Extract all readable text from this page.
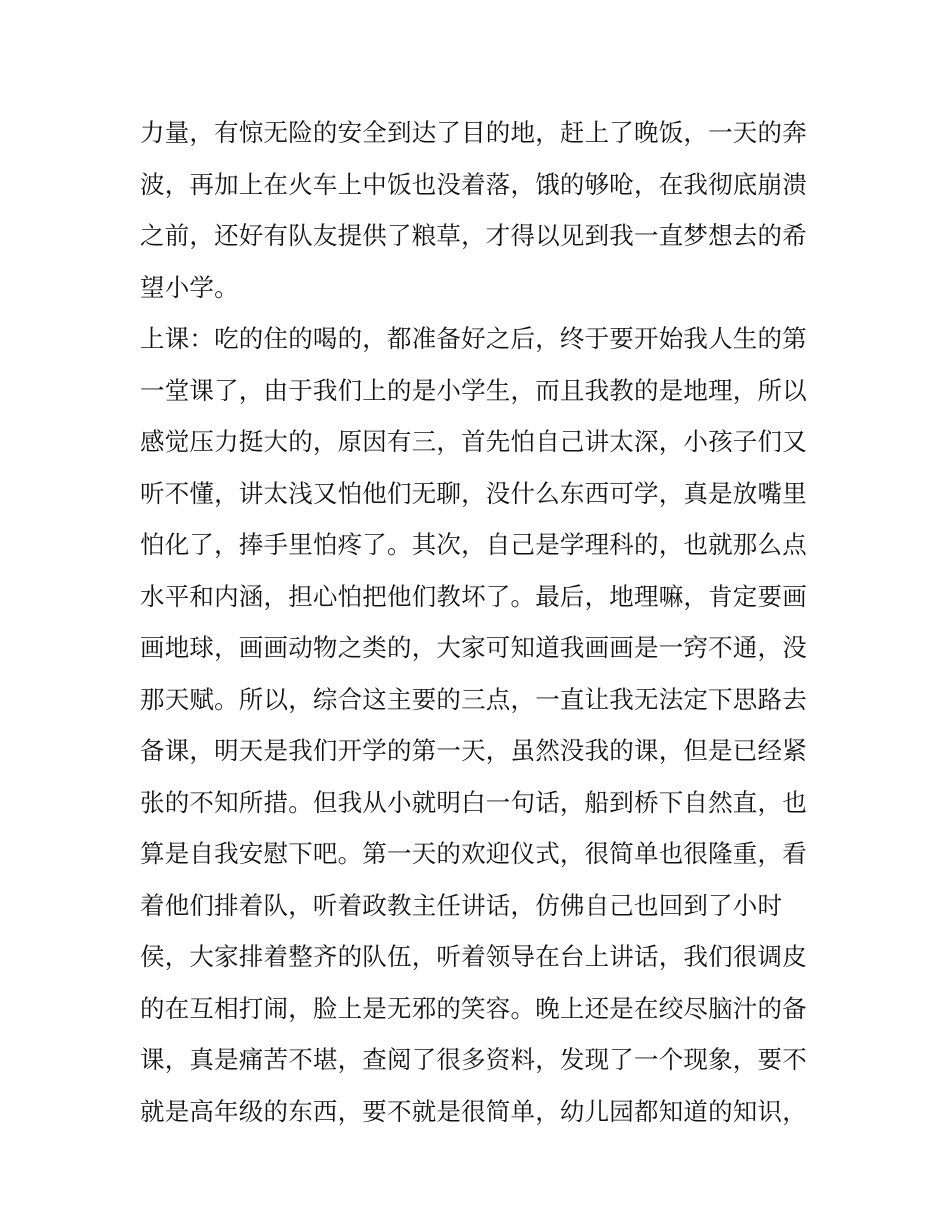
力量，有惊无险的安全到达了目的地，赶上了晚饭，一天的奔
波，再加上在火车上中饭也没着落，饿的够呛，在我彻底崩溃
之前，还好有队友提供了粮草，才得以见到我一直梦想去的希
望小学。
上课：吃的住的喝的，都准备好之后，终于要开始我人生的第
一堂课了，由于我们上的是小学生，而且我教的是地理，所以
感觉压力挺大的，原因有三，首先怕自己讲太深，小孩子们又
听不懂，讲太浅又怕他们无聊，没什么东西可学，真是放嘴里
怕化了，捧手里怕疼了。其次，自己是学理科的，也就那么点
水平和内涵，担心怕把他们教坏了。最后，地理嘛，肯定要画
画地球，画画动物之类的，大家可知道我画画是一窍不通，没
那天赋。所以，综合这主要的三点，一直让我无法定下思路去
备课，明天是我们开学的第一天，虽然没我的课，但是已经紧
张的不知所措。但我从小就明白一句话，船到桥下自然直，也
算是自我安慰下吧。第一天的欢迎仪式，很简单也很隆重，看
着他们排着队，听着政教主任讲话，仿佛自己也回到了小时
侯，大家排着整齐的队伍，听着领导在台上讲话，我们很调皮
的在互相打闹，脸上是无邪的笑容。晚上还是在绞尽脑汁的备
课，真是痛苦不堪，查阅了很多资料，发现了一个现象，要不
就是高年级的东西，要不就是很简单，幼儿园都知道的知识，
